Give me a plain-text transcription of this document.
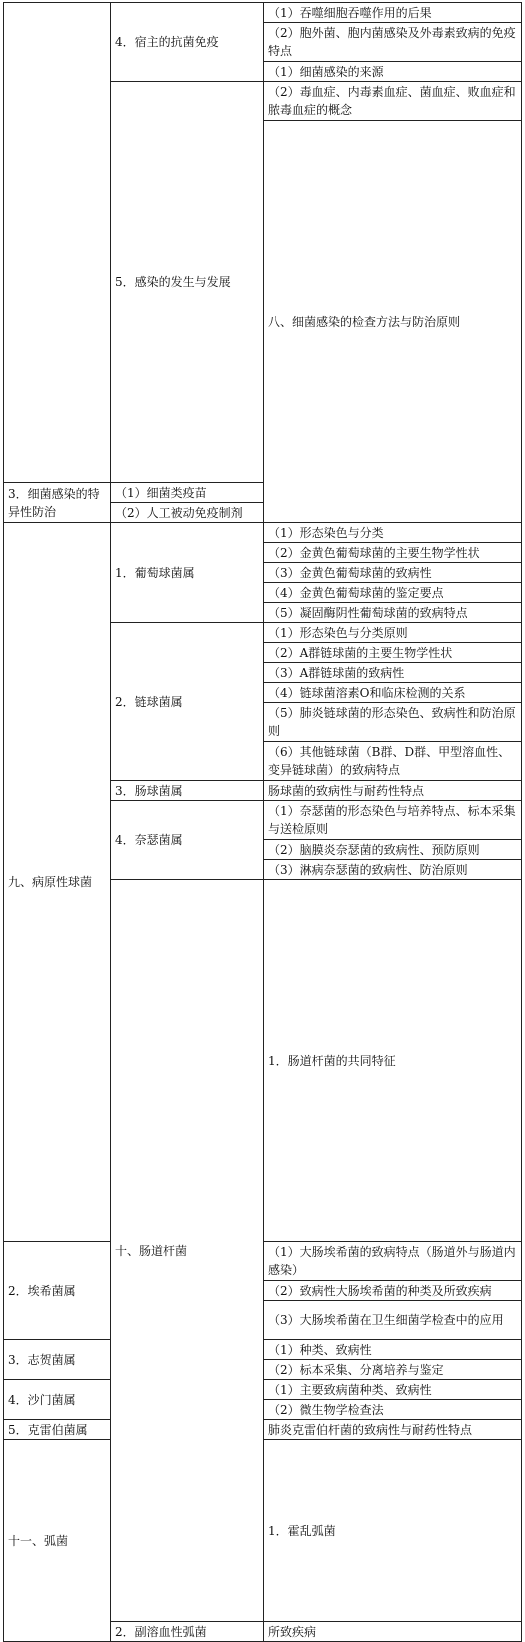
	4．宿主的抗菌免疫	（1）吞噬细胞吞噬作用的后果	
		（2）胞外菌、胞内菌感染及外毒素致病的免疫特点	
		（1）细菌感染的来源	
	5．感染的发生与发展	（2）毒血症、内毒素血症、菌血症、败血症和脓毒血症的概念	
		八、细菌感染的检查方法与防治原则		

3．细菌感染的特异性防治	（1）细菌类疫苗		
	（2）人工被动免疫制剂		
九、病原性球菌	1．葡萄球菌属	（1）形态染色与分类	
		（2）金黄色葡萄球菌的主要生物学性状	
		（3）金黄色葡萄球菌的致病性	
		（4）金黄色葡萄球菌的鉴定要点	
		（5）凝固酶阴性葡萄球菌的致病特点	
	2．链球菌属	（1）形态染色与分类原则	
		（2）A群链球菌的主要生物学性状	
		（3）A群链球菌的致病性	
		（4）链球菌溶素O和临床检测的关系	
		（5）肺炎链球菌的形态染色、致病性和防治原则	
		（6）其他链球菌（B群、D群、甲型溶血性、变异链球菌）的致病特点	
	3．肠球菌属	肠球菌的致病性与耐药性特点	
	4．奈瑟菌属	（1）奈瑟菌的形态染色与培养特点、标本采集与送检原则	
		（2）脑膜炎奈瑟菌的致病性、预防原则	
		（3）淋病奈瑟菌的致病性、防治原则	
	十、肠道杆菌	1．肠道杆菌的共同特征	

2．埃希菌属		（1）大肠埃希菌的致病特点（肠道外与肠道内感染）	
		（2）致病性大肠埃希菌的种类及所致疾病	
		（3）大肠埃希菌在卫生细菌学检查中的应用	
3．志贺菌属		（1）种类、致病性	
		（2）标本采集、分离培养与鉴定	
4．沙门菌属		（1）主要致病菌种类、致病性	
		（2）微生物学检查法	
5．克雷伯菌属		肺炎克雷伯杆菌的致病性与耐药性特点	
十一、弧菌		1．霍乱弧菌	

	2．副溶血性弧菌	所致疾病	
